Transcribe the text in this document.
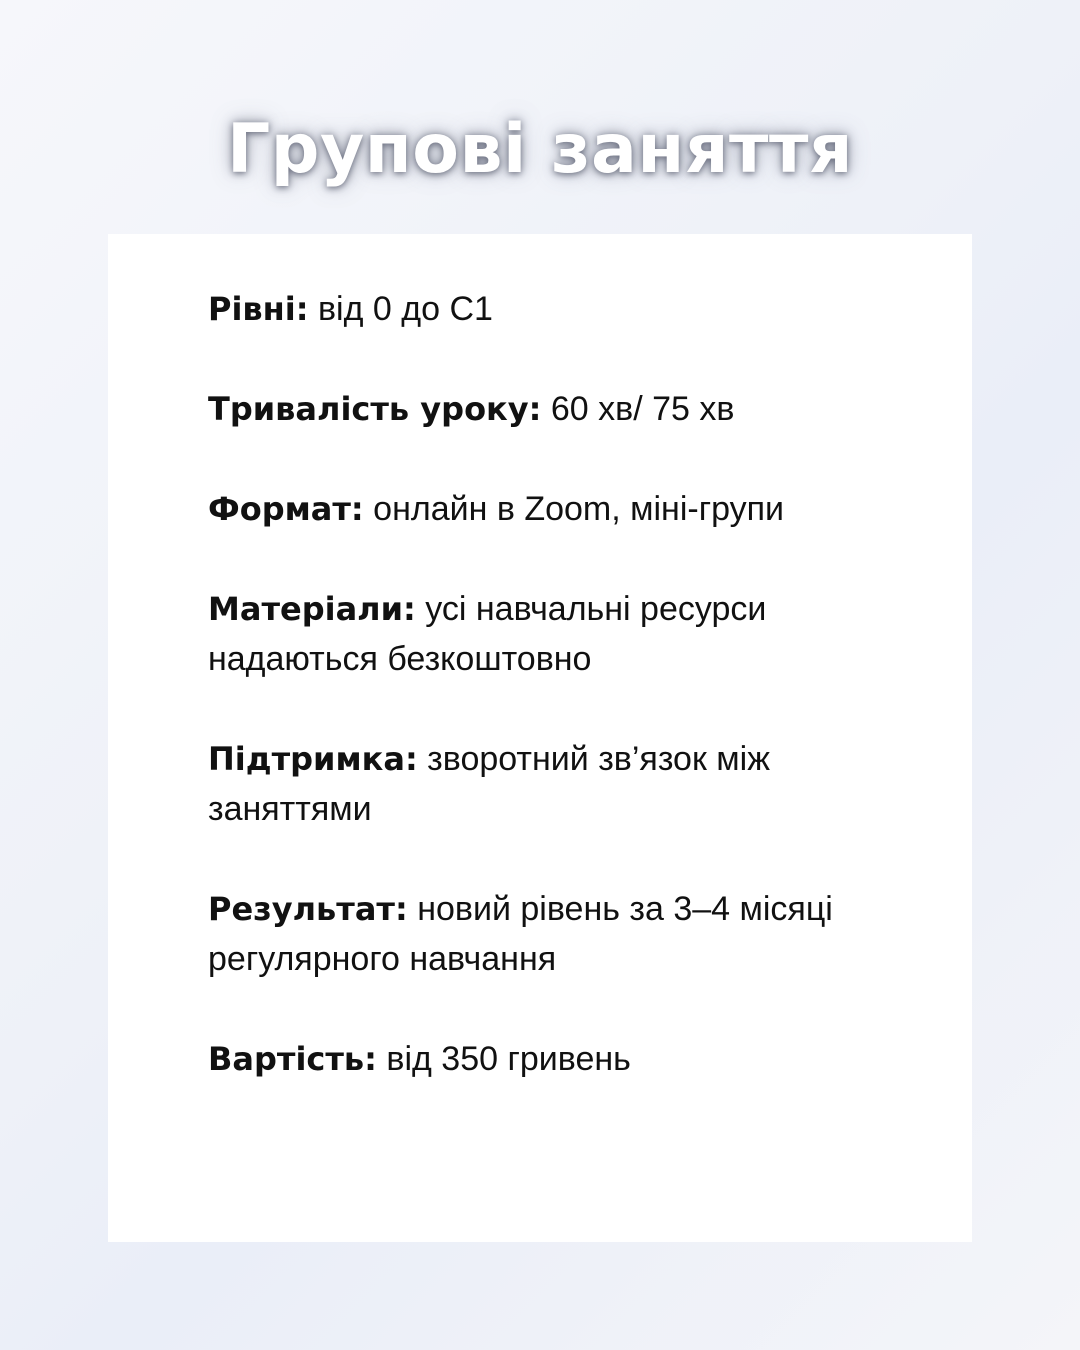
Групові заняття

Рівні: від 0 до С1

Тривалість уроку: 60 хв/ 75 хв

Формат: онлайн в Zoom, міні-групи

Матеріали: усі навчальні ресурси надаються безкоштовно

Підтримка: зворотний зв’язок між заняттями

Результат: новий рівень за 3–4 місяці регулярного навчання

Вартість: від 350 гривень
